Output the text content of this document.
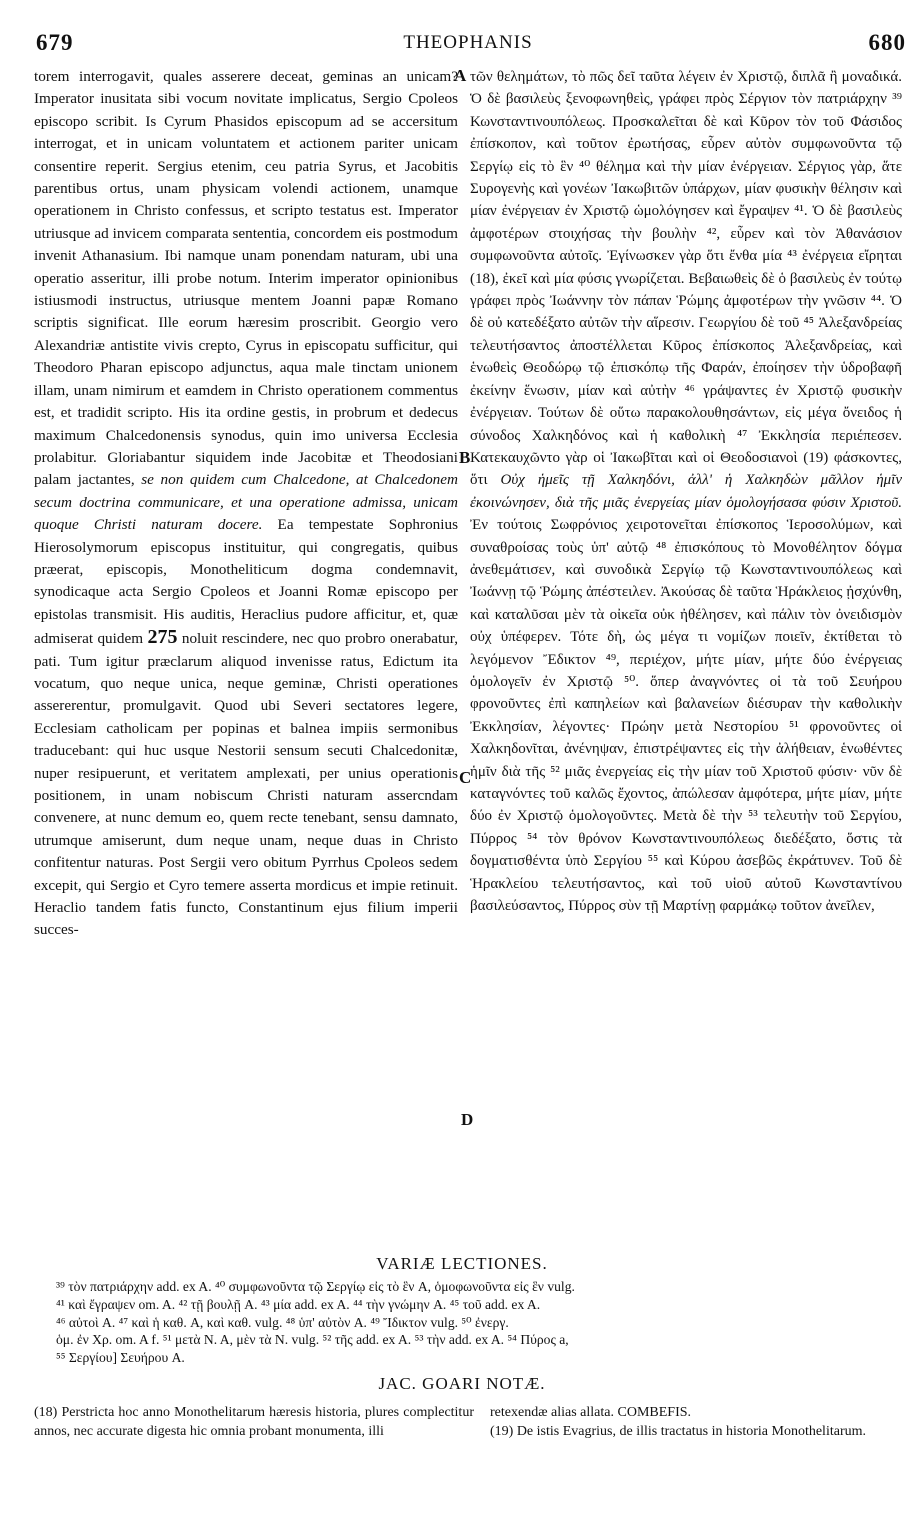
679	THEOPHANIS	680

torem interrogavit, quales asserere deceat, geminas an unicam? Imperator inusitata sibi vocum novitate implicatus, Sergio Cpoleos episcopo scribit. Is Cyrum Phasidos episcopum ad se accersitum interrogat, et in unicam voluntatem et actionem pariter unicam consentire reperit. Sergius etenim, ceu patria Syrus, et Jacobitis parentibus ortus, unam physicam volendi actionem, unamque operationem in Christo confessus, et scripto testatus est. Imperator utriusque ad invicem comparata sententia, concordem eis postmodum invenit Athanasium. Ibi namque unam ponendam naturam, ubi una operatio asseritur, illi probe notum. Interim imperator opinionibus istiusmodi instructus, utriusque mentem Joanni papæ Romano scriptis significat. Ille eorum hæresim proscribit. Georgio vero Alexandriæ antistite vivis crepto, Cyrus in episcopatu sufficitur, qui Theodoro Pharan episcopo adjunctus, aqua male tinctam unionem illam, unam nimirum et eamdem in Christo operationem commentus est, et tradidit scripto. His ita ordine gestis, in probrum et dedecus maximum Chalcedonensis synodus, quin imo universa Ecclesia prolabitur. Gloriabantur siquidem inde Jacobitæ et Theodosiani palam jactantes, se non quidem cum Chalcedone, at Chalcedonem secum doctrina communicare, et una operatione admissa, unicam quoque Christi naturam docere. Ea tempestate Sophronius Hierosolymorum episcopus instituitur, qui congregatis, quibus præerat, episcopis, Monotheliticum dogma condemnavit, synodicaque acta Sergio Cpoleos et Joanni Romæ episcopo per epistolas transmisit. His auditis, Heraclius pudore afficitur, et, quæ admiserat quidem 275 noluit rescindere, nec quo probro onerabatur, pati. Tum igitur præclarum aliquod invenisse ratus, Edictum ita vocatum, quo neque unica, neque geminæ, Christi operationes assererentur, promulgavit. Quod ubi Severi sectatores legere, Ecclesiam catholicam per popinas et balnea impiis sermonibus traducebant: qui huc usque Nestorii sensum secuti Chalcedonitæ, nuper resipuerunt, et veritatem amplexati, per unius operationis positionem, in unam nobiscum Christi naturam assercndam convenere, at nunc demum eo, quem recte tenebant, sensu damnato, utrumque amiserunt, dum neque unam, neque duas in Christo confitentur naturas. Post Sergii vero obitum Pyrrhus Cpoleos sedem excepit, qui Sergio et Cyro temere asserta mordicus et impie retinuit. Heraclio tandem fatis functo, Constantinum ejus filium imperii succes-

A
B
C
D

τῶν θελημάτων, τὸ πῶς δεῖ ταῦτα λέγειν ἐν Χριστῷ, διπλᾶ ἢ μοναδικά. Ὁ δὲ βασιλεὺς ξενοφωνηθεὶς, γράφει πρὸς Σέργιον τὸν πατριάρχην ³⁹ Κωνσταντινουπόλεως. Προσκαλεῖται δὲ καὶ Κῦρον τὸν τοῦ Φάσιδος ἐπίσκοπον, καὶ τοῦτον ἐρωτήσας, εὗρεν αὐτὸν συμφωνοῦντα τῷ Σεργίῳ εἰς τὸ ἓν ⁴⁰ θέλημα καὶ τὴν μίαν ἐνέργειαν. Σέργιος γὰρ, ἅτε Συρογενὴς καὶ γονέων Ἰακωβιτῶν ὑπάρχων, μίαν φυσικὴν θέλησιν καὶ μίαν ἐνέργειαν ἐν Χριστῷ ὡμολόγησεν καὶ ἔγραψεν ⁴¹. Ὁ δὲ βασιλεὺς ἀμφοτέρων στοιχήσας τὴν βουλὴν ⁴², εὗρεν καὶ τὸν Ἀθανάσιον συμφωνοῦντα αὐτοῖς. Ἐγίνωσκεν γὰρ ὅτι ἔνθα μία ⁴³ ἐνέργεια εἴρηται (18), ἐκεῖ καὶ μία φύσις γνωρίζεται. Βεβαιωθεὶς δὲ ὁ βασιλεὺς ἐν τούτῳ γράφει πρὸς Ἰωάννην τὸν πάπαν Ῥώμης ἀμφοτέρων τὴν γνῶσιν ⁴⁴. Ὁ δὲ οὐ κατεδέξατο αὐτῶν τὴν αἵρεσιν. Γεωργίου δὲ τοῦ ⁴⁵ Ἀλεξανδρείας τελευτήσαντος ἀποστέλλεται Κῦρος ἐπίσκοπος Ἀλεξανδρείας, καὶ ἑνωθεὶς Θεοδώρῳ τῷ ἐπισκόπῳ τῆς Φαράν, ἐποίησεν τὴν ὑδροβαφῆ ἐκείνην ἕνωσιν, μίαν καὶ αὐτὴν ⁴⁶ γράψαντες ἐν Χριστῷ φυσικὴν ἐνέργειαν. Τούτων δὲ οὕτω παρακολουθησάντων, εἰς μέγα ὄνειδος ἡ σύνοδος Χαλκηδόνος καὶ ἡ καθολικὴ ⁴⁷ Ἐκκλησία περιέπεσεν. Κατεκαυχῶντο γὰρ οἱ Ἰακωβῖται καὶ οἱ Θεοδοσιανοὶ (19) φάσκοντες, ὅτι Οὐχ ἡμεῖς τῇ Χαλκηδόνι, ἀλλ' ἡ Χαλκηδὼν μᾶλλον ἡμῖν ἐκοινώνησεν, διὰ τῆς μιᾶς ἐνεργείας μίαν ὁμολογήσασα φύσιν Χριστοῦ. Ἐν τούτοις Σωφρόνιος χειροτονεῖται ἐπίσκοπος Ἱεροσολύμων, καὶ συναθροίσας τοὺς ὑπ' αὐτῷ ⁴⁸ ἐπισκόπους τὸ Μονοθέλητον δόγμα ἀνεθεμάτισεν, καὶ συνοδικὰ Σεργίῳ τῷ Κωνσταντινουπόλεως καὶ Ἰωάννῃ τῷ Ῥώμης ἀπέστειλεν. Ἀκούσας δὲ ταῦτα Ἡράκλειος ᾐσχύνθη, καὶ καταλῦσαι μὲν τὰ οἰκεῖα οὐκ ἠθέλησεν, καὶ πάλιν τὸν ὀνειδισμὸν οὐχ ὑπέφερεν. Τότε δὴ, ὡς μέγα τι νομίζων ποιεῖν, ἐκτίθεται τὸ λεγόμενον Ἔδικτον ⁴⁹, περιέχον, μήτε μίαν, μήτε δύο ἐνέργειας ὁμολογεῖν ἐν Χριστῷ ⁵⁰. ὅπερ ἀναγνόντες οἱ τὰ τοῦ Σευήρου φρονοῦντες ἐπὶ καπηλείων καὶ βαλανείων διέσυραν τὴν καθολικὴν Ἐκκλησίαν, λέγοντες· Πρώην μετὰ Νεστορίου ⁵¹ φρονοῦντες οἱ Χαλκηδονῖται, ἀνένηψαν, ἐπιστρέψαντες εἰς τὴν ἀλήθειαν, ἑνωθέντες ἡμῖν διὰ τῆς ⁵² μιᾶς ἐνεργείας εἰς τὴν μίαν τοῦ Χριστοῦ φύσιν· νῦν δὲ καταγνόντες τοῦ καλῶς ἔχοντος, ἀπώλεσαν ἀμφότερα, μήτε μίαν, μήτε δύο ἐν Χριστῷ ὁμολογοῦντες. Μετὰ δὲ τὴν ⁵³ τελευτὴν τοῦ Σεργίου, Πύρρος ⁵⁴ τὸν θρόνον Κωνσταντινουπόλεως διεδέξατο, ὅστις τὰ δογματισθέντα ὑπὸ Σεργίου ⁵⁵ καὶ Κύρου ἀσεβῶς ἐκράτυνεν. Τοῦ δὲ Ἡρακλείου τελευτήσαντος, καὶ τοῦ υἱοῦ αὐτοῦ Κωνσταντίνου βασιλεύσαντος, Πύρρος σὺν τῇ Μαρτίνῃ φαρμάκῳ τοῦτον ἀνεῖλεν,

VARIÆ LECTIONES.

³⁹ τὸν πατριάρχην add. ex A. ⁴⁰ συμφωνοῦντα τῷ Σεργίῳ εἰς τὸ ἓν A, ὁμοφωνοῦντα εἰς ἓν vulg.

⁴¹ καὶ ἔγραψεν om. A. ⁴² τῇ βουλῇ A. ⁴³ μία add. ex A. ⁴⁴ τὴν γνώμην A. ⁴⁵ τοῦ add. ex A.

⁴⁶ αὐτοὶ A. ⁴⁷ καὶ ἡ καθ. A, καὶ καθ. vulg. ⁴⁸ ὑπ' αὐτὸν A. ⁴⁹ Ἴδικτον vulg. ⁵⁰ ἐνεργ.

ὁμ. ἐν Χρ. om. A f. ⁵¹ μετὰ N. A, μὲν τὰ N. vulg. ⁵² τῆς add. ex A. ⁵³ τὴν add. ex A. ⁵⁴ Πύρος a,

⁵⁵ Σεργίου] Σευήρου A.

JAC. GOARI NOTÆ.

(18) Perstricta hoc anno Monothelitarum hæresis historia, plures complectitur annos, nec accurate digesta hic omnia probant monumenta, illi

retexendæ alias allata. COMBEFIS.

(19) De istis Evagrius, de illis tractatus in historia Monothelitarum.
